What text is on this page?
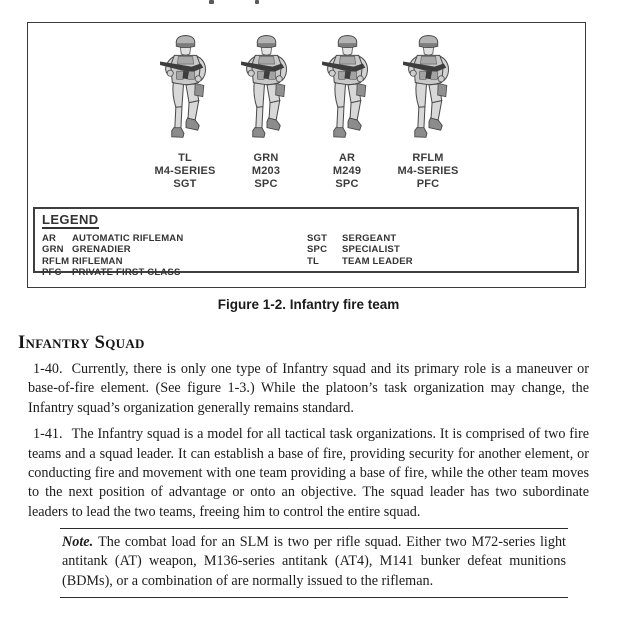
TL
M4-SERIES
SGT
GRN
M203
SPC
AR
M249
SPC
RFLM
M4-SERIES
PFC
LEGEND
AR	AUTOMATIC RIFLEMAN
GRN GRENADIER
RFLM RIFLEMAN
PFC	PRIVATE FIRST CLASS
SGT	SERGEANT
SPC	SPECIALIST
TL	TEAM LEADER
Figure 1-2. Infantry fire team
Infantry Squad

1-40. Currently, there is only one type of Infantry squad and its primary role is a maneuver or base-of-fire element. (See figure 1-3.) While the platoon’s task organization may change, the Infantry squad’s organization generally remains standard.

1-41. The Infantry squad is a model for all tactical task organizations. It is comprised of two fire teams and a squad leader. It can establish a base of fire, providing security for another element, or conducting fire and movement with one team providing a base of fire, while the other team moves to the next position of advantage or onto an objective. The squad leader has two subordinate leaders to lead the two teams, freeing him to control the entire squad.

Note. The combat load for an SLM is two per rifle squad. Either two M72-series light antitank (AT) weapon, M136-series antitank (AT4), M141 bunker defeat munitions (BDMs), or a combination of are normally issued to the rifleman.
